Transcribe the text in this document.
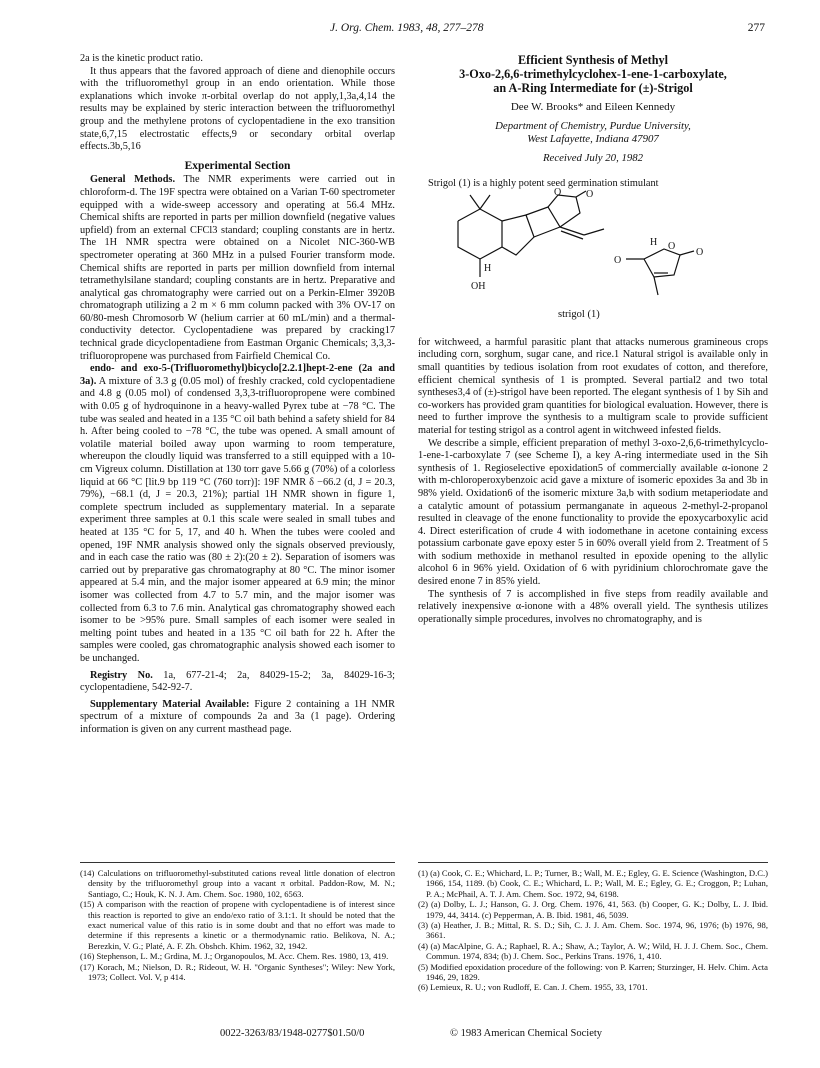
J. Org. Chem. 1983, 48, 277–278	277

2a is the kinetic product ratio.

It thus appears that the favored approach of diene and dienophile occurs with the trifluoromethyl group in an endo orientation. While those explanations which invoke π-orbital overlap do not apply,1,3a,4,14 the results may be explained by steric interaction between the trifluoromethyl group and the methylene protons of cyclopentadiene in the exo transition state,6,7,15 electrostatic effects,9 or secondary orbital overlap effects.3b,5,16

Experimental Section

General Methods. The NMR experiments were carried out in chloroform-d. The 19F spectra were obtained on a Varian T-60 spectrometer equipped with a wide-sweep accessory and operating at 56.4 MHz. Chemical shifts are reported in parts per million downfield (negative values upfield) from an external CFCl3 standard; coupling constants are in hertz. The 1H NMR spectra were obtained on a Nicolet NIC-360-WB spectrometer operating at 360 MHz in a pulsed Fourier transform mode. Chemical shifts are reported in parts per million downfield from internal tetramethylsilane standard; coupling constants are in hertz. Preparative and analytical gas chromatography were carried out on a Perkin-Elmer 3920B chromatograph utilizing a 2 m × 6 mm column packed with 3% OV-17 on 60/80-mesh Chromosorb W (helium carrier at 60 mL/min) and a thermal-conductivity detector. Cyclopentadiene was prepared by cracking17 technical grade dicyclopentadiene from Eastman Organic Chemicals; 3,3,3-trifluoropropene was purchased from Fairfield Chemical Co.

endo- and exo-5-(Trifluoromethyl)bicyclo[2.2.1]hept-2-ene (2a and 3a). A mixture of 3.3 g (0.05 mol) of freshly cracked, cold cyclopentadiene and 4.8 g (0.05 mol) of condensed 3,3,3-trifluoropropene were combined with 0.05 g of hydroquinone in a heavy-walled Pyrex tube at −78 °C. The tube was sealed and heated in a 135 °C oil bath behind a safety shield for 84 h. After being cooled to −78 °C, the tube was opened. A small amount of volatile material boiled away upon warming to room temperature, whereupon the cloudly liquid was transferred to a still equipped with a 10-cm Vigreux column. Distillation at 130 torr gave 5.66 g (70%) of a colorless liquid at 66 °C [lit.9 bp 119 °C (760 torr)]: 19F NMR δ −66.2 (d, J = 20.3, 79%), −68.1 (d, J = 20.3, 21%); partial 1H NMR shown in figure 1, complete spectrum included as supplementary material. In a separate experiment three samples at 0.1 this scale were sealed in small tubes and heated at 135 °C for 5, 17, and 40 h. When the tubes were cooled and opened, 19F NMR analysis showed only the signals observed previously, and in each case the ratio was (80 ± 2):(20 ± 2). Separation of isomers was carried out by preparative gas chromatography at 80 °C. The minor isomer appeared at 5.4 min, and the major isomer appeared at 6.9 min; the minor isomer was collected from 4.7 to 5.7 min, and the major isomer was collected from 6.3 to 7.6 min. Analytical gas chromatography showed each isomer to be >95% pure. Small samples of each isomer were sealed in melting point tubes and heated in a 135 °C oil bath for 22 h. After the samples were cooled, gas chromatographic analysis showed each isomer to be unchanged.

Registry No. 1a, 677-21-4; 2a, 84029-15-2; 3a, 84029-16-3; cyclopentadiene, 542-92-7.

Supplementary Material Available: Figure 2 containing a 1H NMR spectrum of a mixture of compounds 2a and 3a (1 page). Ordering information is given on any current masthead page.

Efficient Synthesis of Methyl
3-Oxo-2,6,6-trimethylcyclohex-1-ene-1-carboxylate,
an A-Ring Intermediate for (±)-Strigol
Dee W. Brooks* and Eileen Kennedy
Department of Chemistry, Purdue University,
West Lafayette, Indiana 47907
Received July 20, 1982

Strigol (1) is a highly potent seed germination stimulant

O O
H O
O
O
H
OH
strigol (1)

for witchweed, a harmful parasitic plant that attacks numerous gramineous crops including corn, sorghum, sugar cane, and rice.1 Natural strigol is available only in small quantities by tedious isolation from root exudates of cotton, and therefore, efficient chemical synthesis of 1 is prompted. Several partial2 and two total syntheses3,4 of (±)-strigol have been reported. The elegant synthesis of 1 by Sih and co-workers has provided gram quantities for biological evaluation. However, there is need to further improve the synthesis to a multigram scale to provide sufficient material for testing strigol as a control agent in witchweed infested fields.

We describe a simple, efficient preparation of methyl 3-oxo-2,6,6-trimethylcyclo-1-ene-1-carboxylate 7 (see Scheme I), a key A-ring intermediate used in the Sih synthesis of 1. Regioselective epoxidation5 of commercially available α-ionone 2 with m-chloroperoxybenzoic acid gave a mixture of isomeric epoxides 3a and 3b in 98% yield. Oxidation6 of the isomeric mixture 3a,b with sodium metaperiodate and a catalytic amount of potassium permanganate in aqueous 2-methyl-2-propanol resulted in cleavage of the enone functionality to provide the epoxycarboxylic acid 4. Direct esterification of crude 4 with iodomethane in acetone containing excess potassium carbonate gave epoxy ester 5 in 60% overall yield from 2. Treatment of 5 with sodium methoxide in methanol resulted in epoxide opening to the allylic alcohol 6 in 96% yield. Oxidation of 6 with pyridinium chlorochromate gave the desired enone 7 in 85% yield.

The synthesis of 7 is accomplished in five steps from readily available and relatively inexpensive α-ionone with a 48% overall yield. The synthesis utilizes operationally simple procedures, involves no chromatography, and is

(14) Calculations on trifluoromethyl-substituted cations reveal little donation of electron density by the trifluoromethyl group into a vacant π orbital. Paddon-Row, M. N.; Santiago, C.; Houk, K. N. J. Am. Chem. Soc. 1980, 102, 6563.

(15) A comparison with the reaction of propene with cyclopentadiene is of interest since this reaction is reported to give an endo/exo ratio of 3.1:1. It should be noted that the exact numerical value of this ratio is in some doubt and that no effort was made to determine if this represents a kinetic or a thermodynamic ratio. Belikova, N. A.; Berezkin, V. G.; Platé, A. F. Zh. Obshch. Khim. 1962, 32, 1942.

(16) Stephenson, L. M.; Grdina, M. J.; Organopoulos, M. Acc. Chem. Res. 1980, 13, 419.

(17) Korach, M.; Nielson, D. R.; Rideout, W. H. "Organic Syntheses"; Wiley: New York, 1973; Collect. Vol. V, p 414.

(1) (a) Cook, C. E.; Whichard, L. P.; Turner, B.; Wall, M. E.; Egley, G. E. Science (Washington, D.C.) 1966, 154, 1189. (b) Cook, C. E.; Whichard, L. P.; Wall, M. E.; Egley, G. E.; Croggon, P.; Luhan, P. A.; McPhail, A. T. J. Am. Chem. Soc. 1972, 94, 6198.

(2) (a) Dolby, L. J.; Hanson, G. J. Org. Chem. 1976, 41, 563. (b) Cooper, G. K.; Dolby, L. J. Ibid. 1979, 44, 3414. (c) Pepperman, A. B. Ibid. 1981, 46, 5039.

(3) (a) Heather, J. B.; Mittal, R. S. D.; Sih, C. J. J. Am. Chem. Soc. 1974, 96, 1976; (b) 1976, 98, 3661.

(4) (a) MacAlpine, G. A.; Raphael, R. A.; Shaw, A.; Taylor, A. W.; Wild, H. J. J. Chem. Soc., Chem. Commun. 1974, 834; (b) J. Chem. Soc., Perkins Trans. 1976, 1, 410.

(5) Modified epoxidation procedure of the following: von P. Karren; Sturzinger, H. Helv. Chim. Acta 1946, 29, 1829.

(6) Lemieux, R. U.; von Rudloff, E. Can. J. Chem. 1955, 33, 1701.

0022-3263/83/1948-0277$01.50/0	© 1983 American Chemical Society
